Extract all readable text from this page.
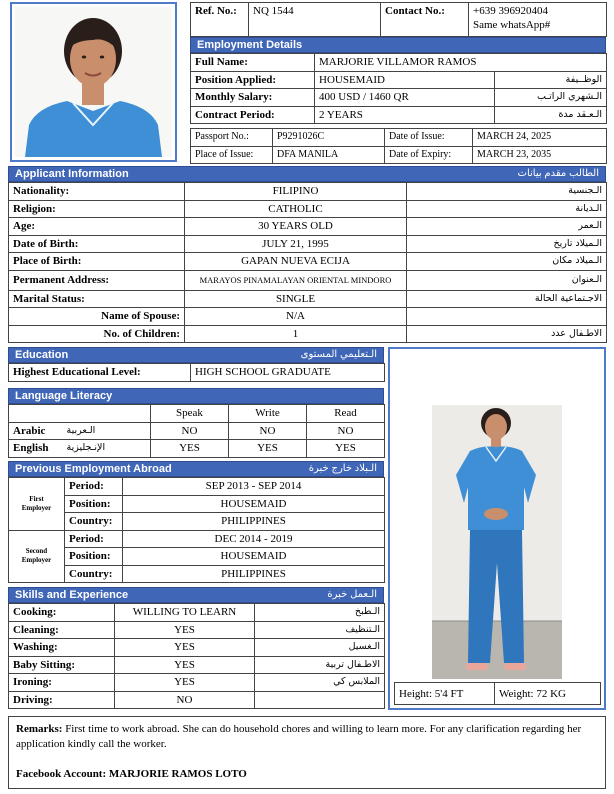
Ref. No.:	NQ 1544	Contact No.:	+639 396920404
Same whatsApp#
Employment Details
Full Name:	MARJORIE VILLAMOR RAMOS	
Position Applied:	HOUSEMAID	الوظــيفة
Monthly Salary:	400 USD / 1460 QR	الـشهري الراتـب
Contract Period:	2 YEARS	الـعـقد مدة
Passport No.:	P9291026C	Date of Issue:	MARCH 24, 2025
Place of Issue:	DFA MANILA	Date of Expiry:	MARCH 23, 2035
Applicant Information	الطالب مقدم بيانات
Nationality:	FILIPINO	الـجنسية
Religion:	CATHOLIC	الـديانة
Age:	30 YEARS OLD	الـعمر
Date of Birth:	JULY 21, 1995	الـميلاد تاريخ
Place of Birth:	GAPAN NUEVA ECIJA	الـميلاد مكان
Permanent Address:	MARAYOS PINAMALAYAN ORIENTAL MINDORO	الـعنوان
Marital Status:	SINGLE	الاجـتماعية الحالة
Name of Spouse:	N/A	
No. of Children:	1	الاطـفال عدد
Education	الـتعليمي المستوى
Highest Educational Level:	HIGH SCHOOL GRADUATE
Language Literacy
		Speak	Write	Read
Arabic	الـعربية	NO	NO	NO
English	الإنـجليزية	YES	YES	YES
Previous Employment Abroad	الـبلاد خارج خبرة
First
Employer	Period:	SEP 2013 - SEP 2014
	Position:	HOUSEMAID
	Country:	PHILIPPINES

Second
Employer	Period:	DEC 2014 - 2019
	Position:	HOUSEMAID
	Country:	PHILIPPINES
Skills and Experience	الـعمل خبرة
Cooking:	WILLING TO LEARN	الـطبخ
Cleaning:	YES	الـتنظيف
Washing:	YES	الـغسيل
Baby Sitting:	YES	الاطـفال تربية
Ironing:	YES	الملابس كي
Driving:	NO	
Height: 5'4 FT	Weight: 72 KG
Remarks: First time to work abroad. She can do household chores and willing to learn more. For any clarification regarding her application kindly call the worker.
Facebook Account: MARJORIE RAMOS LOTO
